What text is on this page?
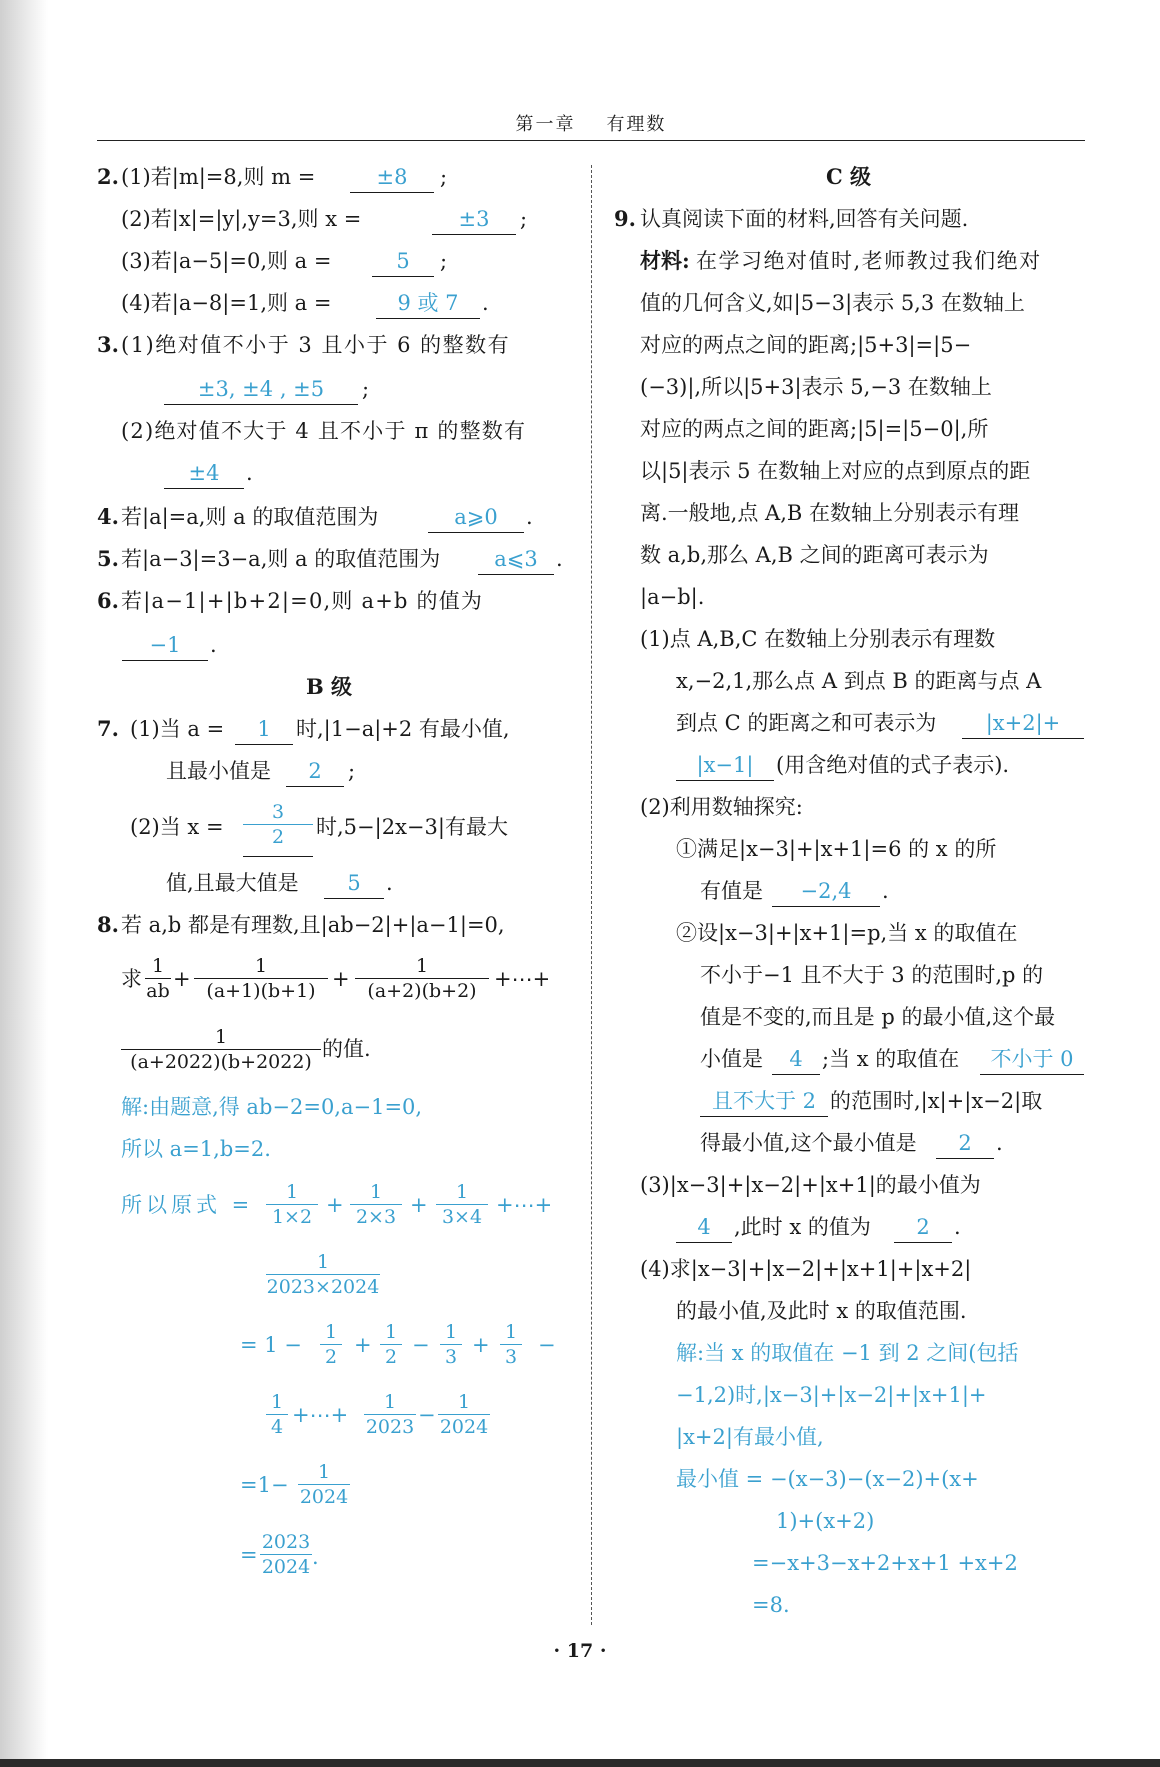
第一章 有理数
2. (1)若|m|=8,则 m =	±8	;
(2)若|x|=|y|,y=3,则 x =	±3	;
(3)若|a−5|=0,则 a =	5	;
(4)若|a−8|=1,则 a =	9 或 7	.
3. (1)绝对值不小于 3 且小于 6 的整数有
±3, ±4 , ±5	;
(2)绝对值不大于 4 且不小于 π 的整数有
±4	.
4. 若|a|=a,则 a 的取值范围为	a⩾0	.
5. 若|a−3|=3−a,则 a 的取值范围为	a⩽3 .
6. 若|a−1|+|b+2|=0,则 a+b 的值为
−1	.
B 级
7. (1)当 a =	1	时,|1−a|+2 有最小值,
且最小值是	2	;
(2)当 $x = \frac{3}{2}$ 时,5−|2x−3|有最大
值,且最大值是	5	.
8. 若 a,b 都是有理数,且|ab−2|+|a−1|=0,
求 $\frac{1}{ab} + \frac{1}{(a+1)(b+1)} + \frac{1}{(a+2)(b+2)}$ +⋯+
$\frac{1}{(a+2022)(b+2022)}$ 的值.
解:由题意,得 ab−2=0,a−1=0,
所以 a=1,b=2.
所以原式 = $\frac{1}{1\times 2} + \frac{1}{2\times 3} + \frac{1}{3\times 4}$ +⋯+
$\frac{1}{2023\times 2024}$
= $1 - \frac{1}{2} + \frac{1}{2} - \frac{1}{3} + \frac{1}{3}$ −
$\frac{1}{4}$ +⋯+ $\frac{1}{2023} - \frac{1}{2024}$
$=1- \frac{1}{2024}$
= $\frac{2023}{2024}$ .
C 级
9. 认真阅读下面的材料,回答有关问题.
材料: 在学习绝对值时,老师教过我们绝对
值的几何含义,如|5−3|表示 5,3 在数轴上
对应的两点之间的距离;|5+3|=|5−
(−3)|,所以|5+3|表示 5,−3 在数轴上
对应的两点之间的距离;|5|=|5−0|,所
以|5|表示 5 在数轴上对应的点到原点的距
离.一般地,点 A,B 在数轴上分别表示有理
数 a,b,那么 A,B 之间的距离可表示为
|a−b|.
(1)点 A,B,C 在数轴上分别表示有理数
x,−2,1,那么点 A 到点 B 的距离与点 A
到点 C 的距离之和可表示为	|x+2|+
|x−1|	(用含绝对值的式子表示).
(2)利用数轴探究:
①满足|x−3|+|x+1|=6 的 x 的所
有值是	−2,4	.
②设|x−3|+|x+1|=p,当 x 的取值在
不小于−1 且不大于 3 的范围时,p 的
值是不变的,而且是 p 的最小值,这个最
小值是	4 ;当 x 的取值在	不小于 0
且不大于 2 的范围时,|x|+|x−2|取
得最小值,这个最小值是	2	.
(3)|x−3|+|x−2|+|x+1|的最小值为
4	,此时 x 的值为	2	.
(4)求|x−3|+|x−2|+|x+1|+|x+2|
的最小值,及此时 x 的取值范围.
解:当 x 的取值在 −1 到 2 之间(包括
−1,2)时,|x−3|+|x−2|+|x+1|+
|x+2|有最小值,
最小值 = −(x−3)−(x−2)+(x+
1)+(x+2)
=−x+3−x+2+x+1 +x+2
=8.
· 17 ·
